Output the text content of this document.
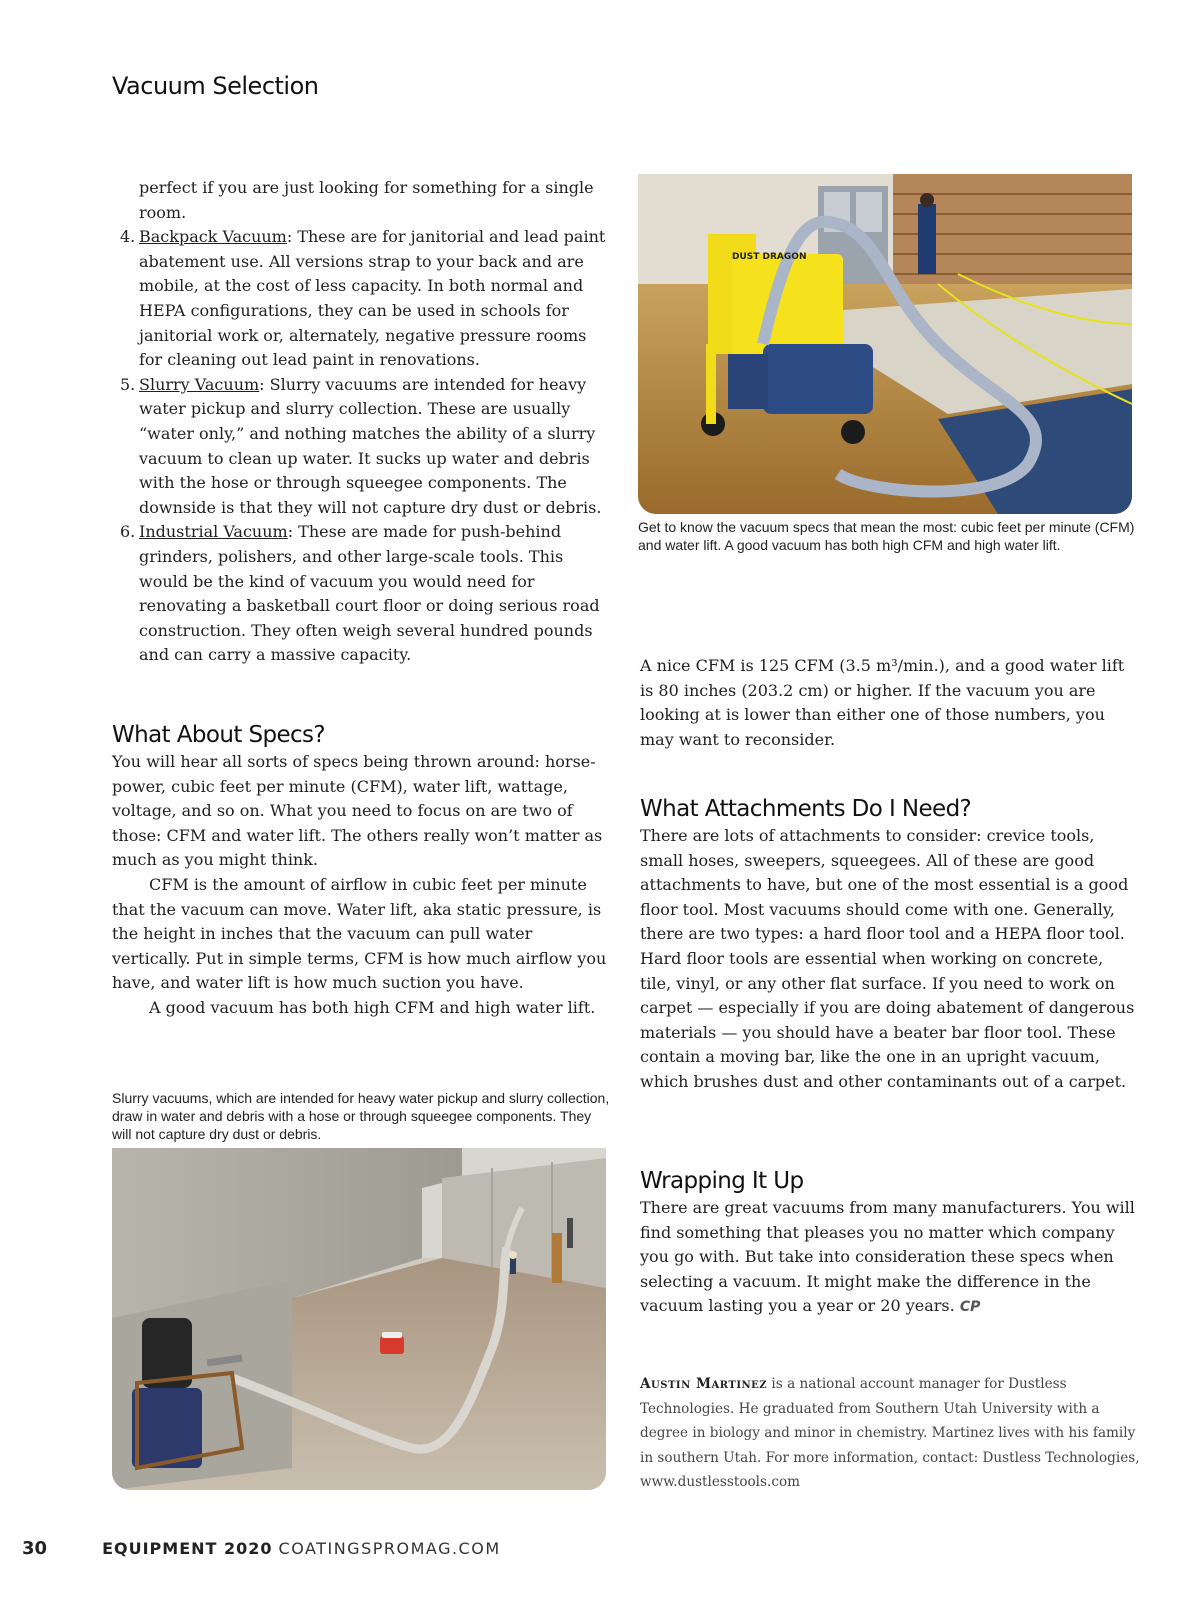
Vacuum Selection

perfect if you are just looking for something for a single room.

4. Backpack Vacuum: These are for janitorial and lead paint abatement use. All versions strap to your back and are mobile, at the cost of less capacity. In both normal and HEPA configurations, they can be used in schools for janitorial work or, alternately, negative pressure rooms for cleaning out lead paint in renovations.
5. Slurry Vacuum: Slurry vacuums are intended for heavy water pickup and slurry collection. These are usually “water only,” and nothing matches the ability of a slurry vacuum to clean up water. It sucks up water and debris with the hose or through squeegee components. The downside is that they will not capture dry dust or debris.
6. Industrial Vacuum: These are made for push-behind grinders, polishers, and other large-scale tools. This would be the kind of vacuum you would need for renovating a basketball court floor or doing serious road construction. They often weigh several hundred pounds and can carry a massive capacity.
What About Specs?

You will hear all sorts of specs being thrown around: horsepower, cubic feet per minute (CFM), water lift, wattage, voltage, and so on. What you need to focus on are two of those: CFM and water lift. The others really won’t matter as much as you might think.

CFM is the amount of airflow in cubic feet per minute that the vacuum can move. Water lift, aka static pressure, is the height in inches that the vacuum can pull water vertically. Put in simple terms, CFM is how much airflow you have, and water lift is how much suction you have.

A good vacuum has both high CFM and high water lift.

Slurry vacuums, which are intended for heavy water pickup and slurry collection, draw in water and debris with a hose or through squeegee components. They will not capture dry dust or debris.

DUST DRAGON

Get to know the vacuum specs that mean the most: cubic feet per minute (CFM) and water lift. A good vacuum has both high CFM and high water lift.

A nice CFM is 125 CFM (3.5 m³/min.), and a good water lift is 80 inches (203.2 cm) or higher. If the vacuum you are looking at is lower than either one of those numbers, you may want to reconsider.

What Attachments Do I Need?

There are lots of attachments to consider: crevice tools, small hoses, sweepers, squeegees. All of these are good attachments to have, but one of the most essential is a good floor tool. Most vacuums should come with one. Generally, there are two types: a hard floor tool and a HEPA floor tool. Hard floor tools are essential when working on concrete, tile, vinyl, or any other flat surface. If you need to work on carpet — especially if you are doing abatement of dangerous materials — you should have a beater bar floor tool. These contain a moving bar, like the one in an upright vacuum, which brushes dust and other contaminants out of a carpet.

Wrapping It Up

There are great vacuums from many manufacturers. You will find something that pleases you no matter which company you go with. But take into consideration these specs when selecting a vacuum. It might make the difference in the vacuum lasting you a year or 20 years. CP

Austin Martinez is a national account manager for Dustless Technologies. He graduated from Southern Utah University with a degree in biology and minor in chemistry. Martinez lives with his family in southern Utah. For more information, contact: Dustless Technologies, www.dustlesstools.com

30	EQUIPMENT 2020 COATINGSPROMAG.COM
